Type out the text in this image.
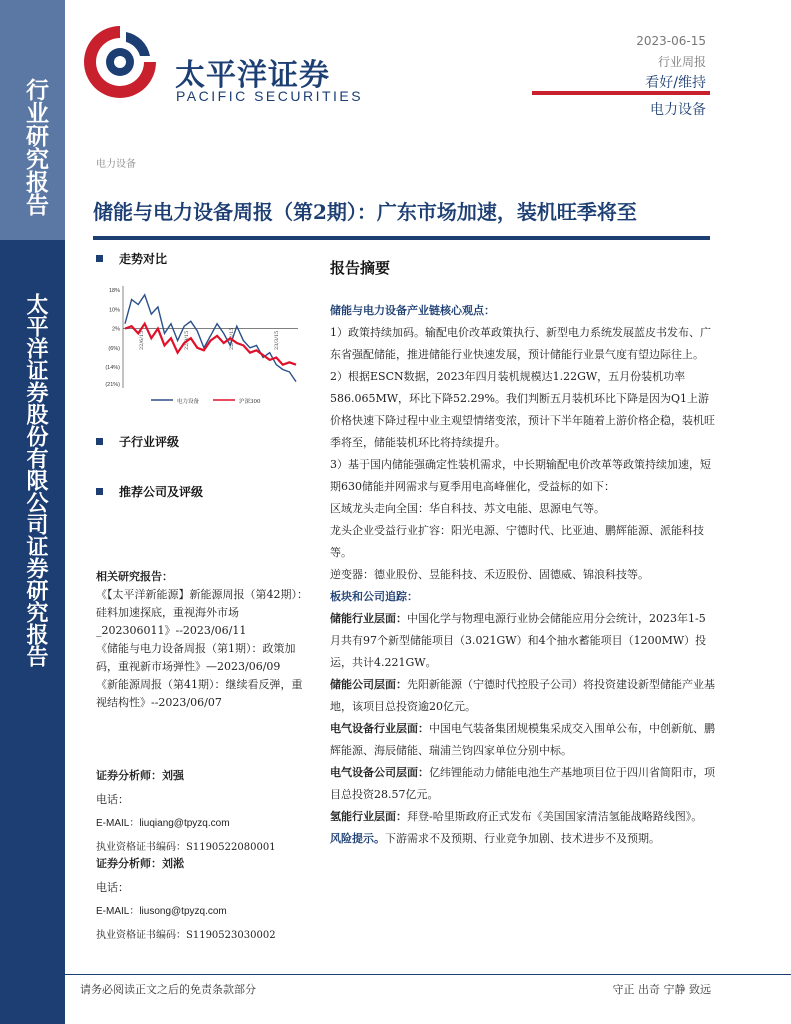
行业研究报告
太平洋证券股份有限公司证券研究报告
太平洋证券
PACIFIC SECURITIES
2023-06-15
行业周报
看好/维持
电力设备
电力设备
储能与电力设备周报（第2期）：广东市场加速，装机旺季将至
走势对比
18%
10%
2%
(6%)
(14%)
(21%)
22/6/15	22/9/15	22/12/15	23/3/15
电力设备	沪深300
子行业评级
推荐公司及评级
相关研究报告：
《【太平洋新能源】新能源周报（第42期）：硅料加速探底，重视海外市场_202306011》--2023/06/11
《储能与电力设备周报（第1期）：政策加码，重视新市场弹性》—2023/06/09
《新能源周报（第41期）：继续看反弹，重视结构性》--2023/06/07
证券分析师：刘强
电话：
E-MAIL：liuqiang@tpyzq.com
执业资格证书编码：S1190522080001
证券分析师：刘淞
电话：
E-MAIL：liusong@tpyzq.com
执业资格证书编码：S1190523030002
报告摘要

储能与电力设备产业链核心观点：

1）政策持续加码。输配电价改革政策执行、新型电力系统发展蓝皮书发布、广东省强配储能，推进储能行业快速发展，预计储能行业景气度有望边际往上。

2）根据ESCN数据，2023年四月装机规模达1.22GW，五月份装机功率586.065MW，环比下降52.29%。我们判断五月装机环比下降是因为Q1上游价格快速下降过程中业主观望情绪变浓，预计下半年随着上游价格企稳，装机旺季将至，储能装机环比将持续提升。

3）基于国内储能强确定性装机需求，中长期输配电价改革等政策持续加速，短期630储能并网需求与夏季用电高峰催化，受益标的如下：

区域龙头走向全国：华自科技、苏文电能、思源电气等。

龙头企业受益行业扩容：阳光电源、宁德时代、比亚迪、鹏辉能源、派能科技等。

逆变器：德业股份、昱能科技、禾迈股份、固德威、锦浪科技等。

板块和公司追踪：

储能行业层面：中国化学与物理电源行业协会储能应用分会统计，2023年1-5月共有97个新型储能项目（3.021GW）和4个抽水蓄能项目（1200MW）投运，共计4.221GW。

储能公司层面：先阳新能源（宁德时代控股子公司）将投资建设新型储能产业基地，该项目总投资逾20亿元。

电气设备行业层面：中国电气装备集团规模集采成交入围单公布，中创新航、鹏辉能源、海辰储能、瑞浦兰钧四家单位分别中标。

电气设备公司层面：亿纬锂能动力储能电池生产基地项目位于四川省简阳市，项目总投资28.57亿元。

氢能行业层面：拜登-哈里斯政府正式发布《美国国家清洁氢能战略路线图》。

风险提示。下游需求不及预期、行业竞争加剧、技术进步不及预期。

请务必阅读正文之后的免责条款部分	守正 出奇 宁静 致远
